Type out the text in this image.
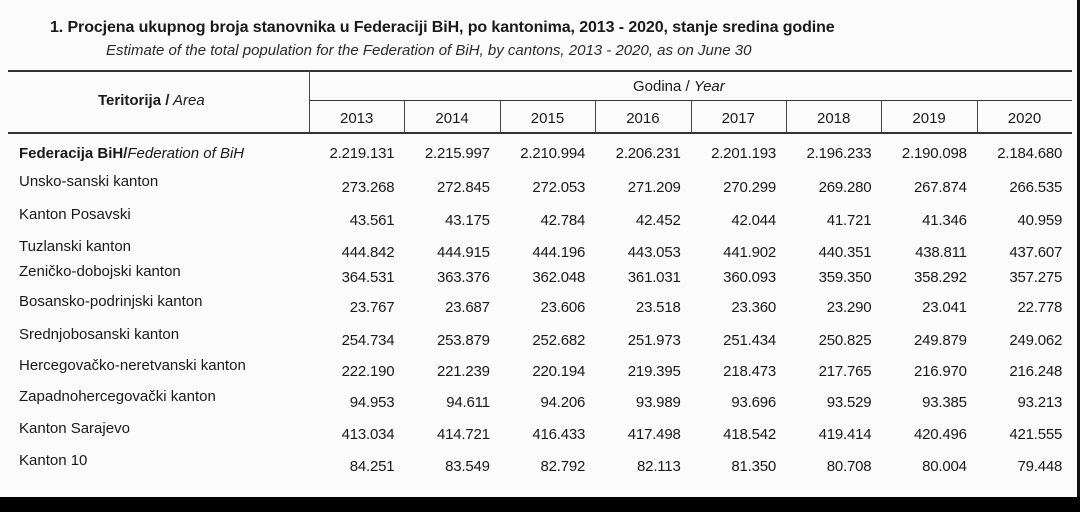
1. Procjena ukupnog broja stanovnika u Federaciji BiH, po kantonima, 2013 - 2020, stanje sredina godine
Estimate of the total population for the Federation of BiH, by cantons, 2013 - 2020, as on June 30
Teritorija / Area
Godina / Year
2013	2014	2015	2016	2017	2018	2019	2020
Federacija BiH/Federation of BiH	2.219.131 2.215.997 2.210.994 2.206.231 2.201.193 2.196.233 2.190.098 2.184.680
Unsko-sanski kanton	273.268	272.845	272.053	271.209	270.299	269.280	267.874	266.535
Kanton Posavski	43.561	43.175	42.784	42.452	42.044	41.721	41.346	40.959
Tuzlanski kanton	444.842	444.915	444.196	443.053	441.902	440.351	438.811	437.607
Zeničko-dobojski kanton	364.531	363.376	362.048	361.031	360.093	359.350	358.292	357.275
Bosansko-podrinjski kanton	23.767	23.687	23.606	23.518	23.360	23.290	23.041	22.778
Srednjobosanski kanton	254.734	253.879	252.682	251.973	251.434	250.825	249.879	249.062
Hercegovačko-neretvanski kanton	222.190	221.239	220.194	219.395	218.473	217.765	216.970	216.248
Zapadnohercegovački kanton	94.953	94.611	94.206	93.989	93.696	93.529	93.385	93.213
Kanton Sarajevo	413.034	414.721	416.433	417.498	418.542	419.414	420.496	421.555
Kanton 10	84.251	83.549	82.792	82.113	81.350	80.708	80.004	79.448
